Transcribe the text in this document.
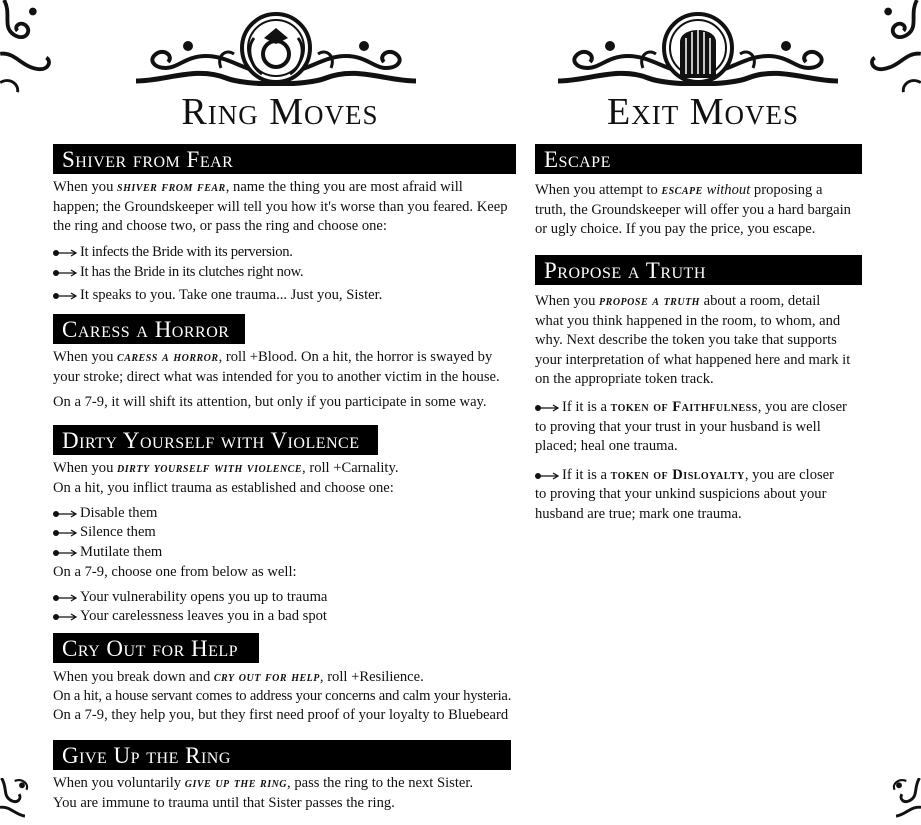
Ring Moves	Exit Moves
Shiver from Fear
When you shiver from fear, name the thing you are most afraid will
happen; the Groundskeeper will tell you how it's worse than you feared. Keep
the ring and choose two, or pass the ring and choose one:
It infects the Bride with its perversion.
It has the Bride in its clutches right now.
It speaks to you. Take one trauma... Just you, Sister.
Caress a Horror
When you caress a horror, roll +Blood. On a hit, the horror is swayed by
your stroke; direct what was intended for you to another victim in the house.
On a 7-9, it will shift its attention, but only if you participate in some way.
Dirty Yourself with Violence
When you dirty yourself with violence, roll +Carnality.
On a hit, you inflict trauma as established and choose one:
Disable them
Silence them
Mutilate them
On a 7-9, choose one from below as well:
Your vulnerability opens you up to trauma
Your carelessness leaves you in a bad spot
Cry Out for Help
When you break down and cry out for help, roll +Resilience.
On a hit, a house servant comes to address your concerns and calm your hysteria.
On a 7-9, they help you, but they first need proof of your loyalty to Bluebeard
Give Up the Ring
When you voluntarily give up the ring, pass the ring to the next Sister.
You are immune to trauma until that Sister passes the ring.
Escape
When you attempt to escape without proposing a
truth, the Groundskeeper will offer you a hard bargain
or ugly choice. If you pay the price, you escape.
Propose a Truth
When you propose a truth about a room, detail
what you think happened in the room, to whom, and
why. Next describe the token you take that supports
your interpretation of what happened here and mark it
on the appropriate token track.
If it is a token of Faithfulness, you are closer
to proving that your trust in your husband is well
placed; heal one trauma.
If it is a token of Disloyalty, you are closer
to proving that your unkind suspicions about your
husband are true; mark one trauma.
